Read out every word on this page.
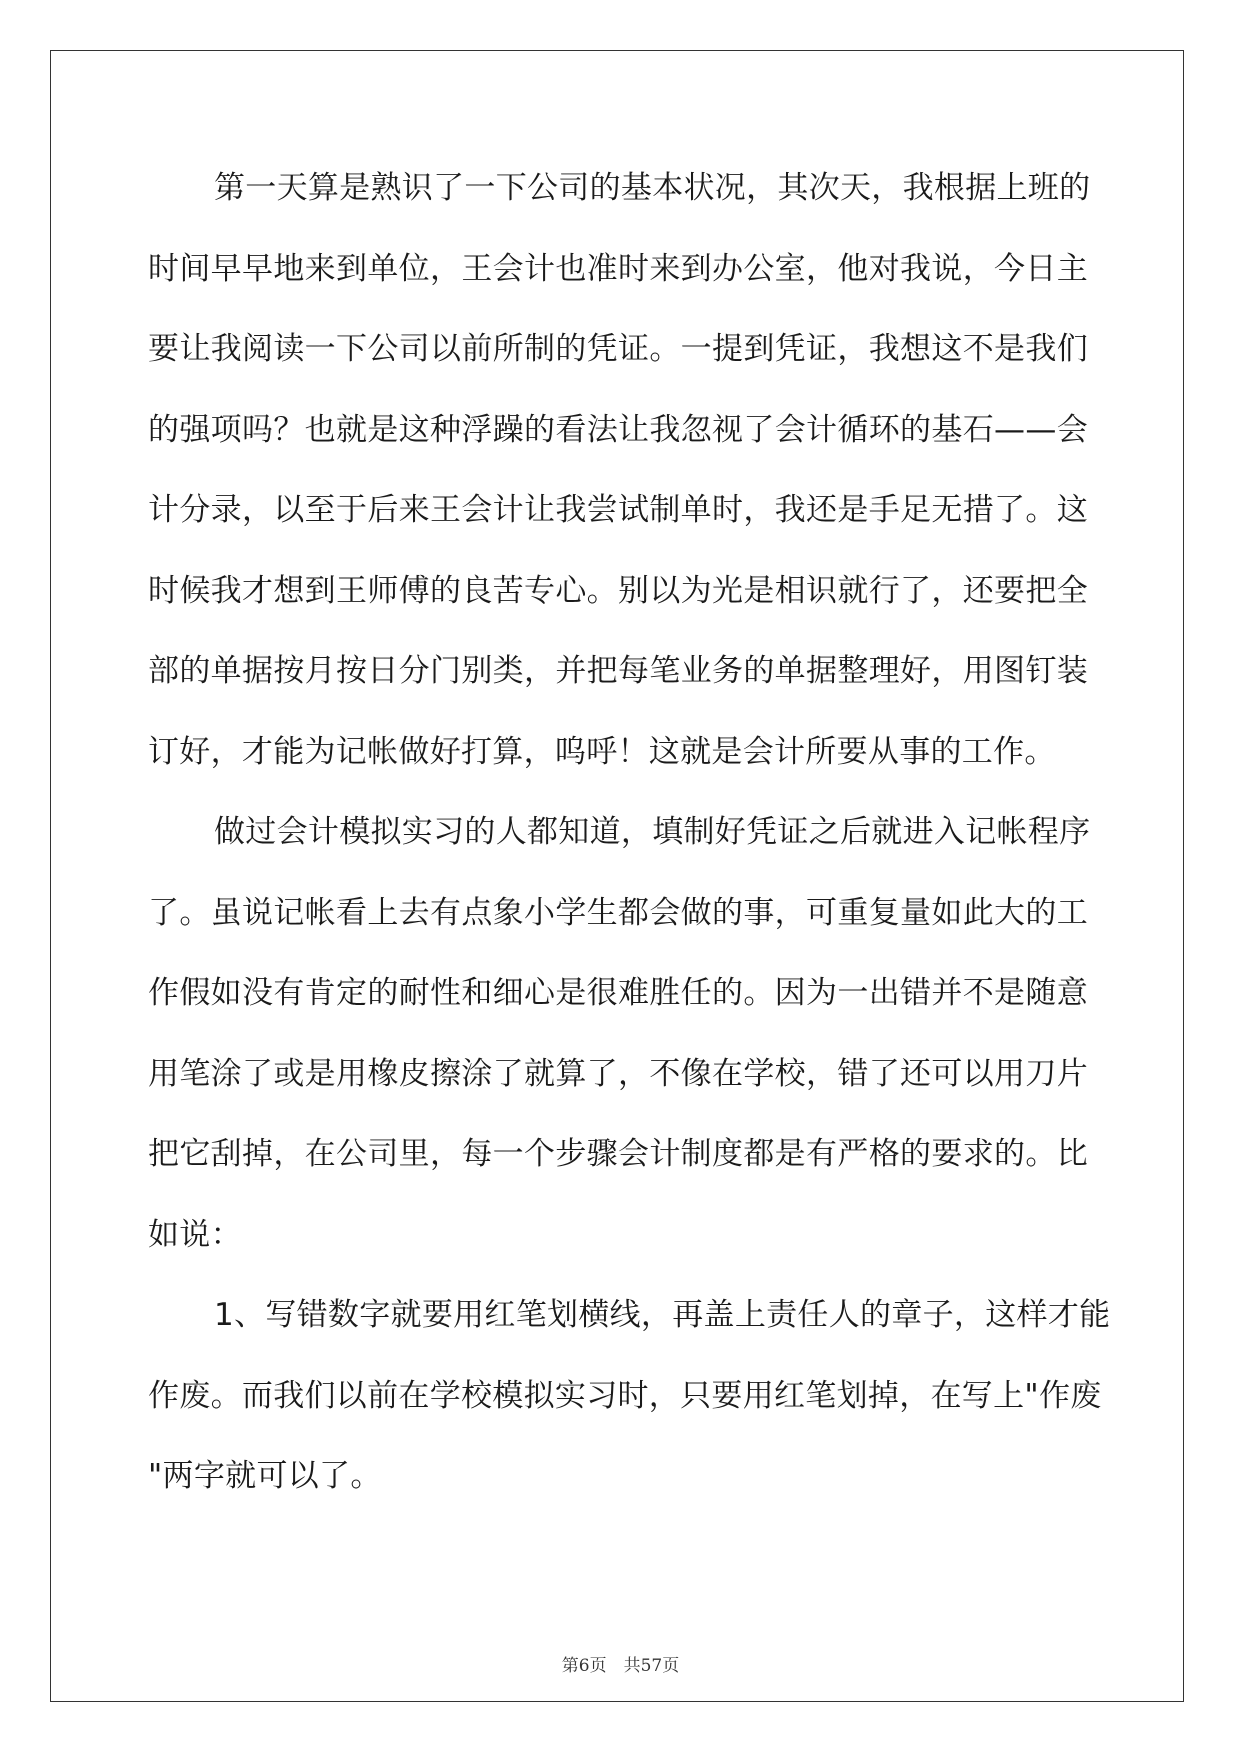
第一天算是熟识了一下公司的基本状况，其次天，我根据上班的
时间早早地来到单位，王会计也准时来到办公室，他对我说，今日主
要让我阅读一下公司以前所制的凭证。一提到凭证，我想这不是我们
的强项吗？也就是这种浮躁的看法让我忽视了会计循环的基石——会
计分录，以至于后来王会计让我尝试制单时，我还是手足无措了。这
时候我才想到王师傅的良苦专心。别以为光是相识就行了，还要把全
部的单据按月按日分门别类，并把每笔业务的单据整理好，用图钉装
订好，才能为记帐做好打算，呜呼！这就是会计所要从事的工作。
做过会计模拟实习的人都知道，填制好凭证之后就进入记帐程序
了。虽说记帐看上去有点象小学生都会做的事，可重复量如此大的工
作假如没有肯定的耐性和细心是很难胜任的。因为一出错并不是随意
用笔涂了或是用橡皮擦涂了就算了，不像在学校，错了还可以用刀片
把它刮掉，在公司里，每一个步骤会计制度都是有严格的要求的。比
如说：
1、写错数字就要用红笔划横线，再盖上责任人的章子，这样才能
作废。而我们以前在学校模拟实习时，只要用红笔划掉，在写上"作废
"两字就可以了。
第6页　共57页
